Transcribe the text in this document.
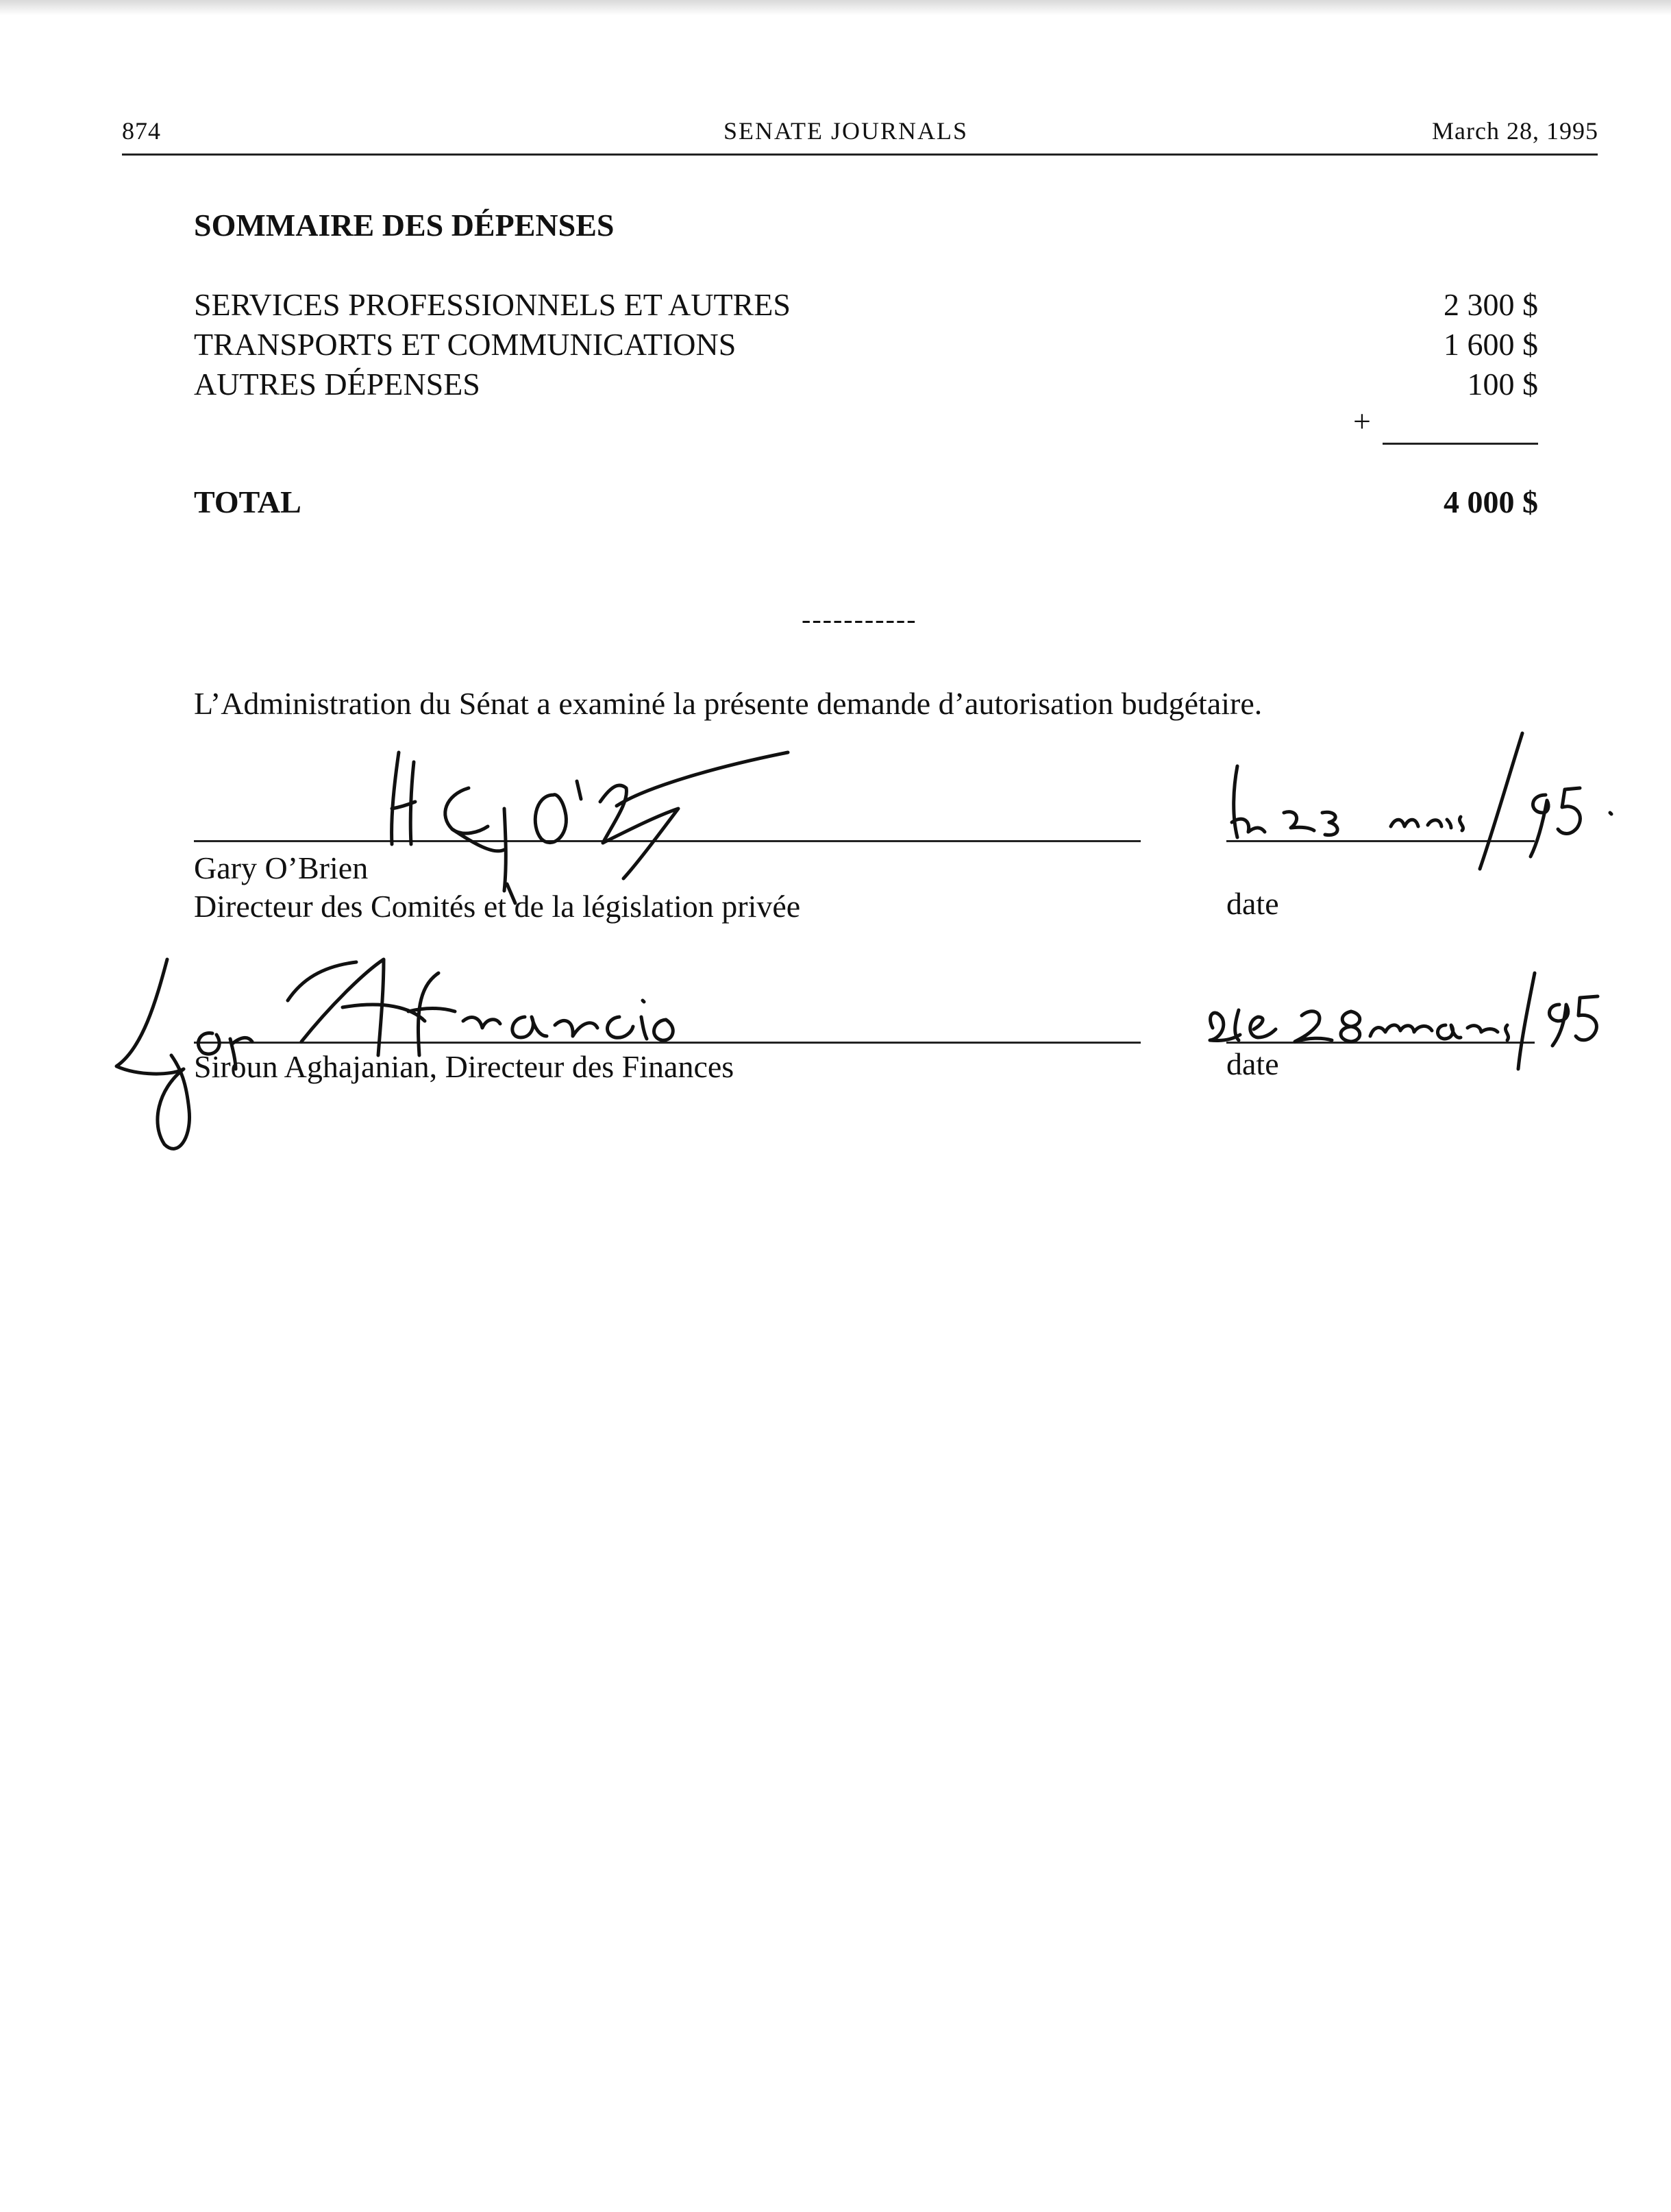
874	SENATE JOURNALS	March 28, 1995
SOMMAIRE DES DÉPENSES
SERVICES PROFESSIONNELS ET AUTRES	2 300 $
TRANSPORTS ET COMMUNICATIONS	1 600 $
AUTRES DÉPENSES	100 $
+
TOTAL	4 000 $
-----------
L’Administration du Sénat a examiné la présente demande d’autorisation budgétaire.
Gary O’Brien
Directeur des Comités et de la législation privée	date
Siroun Aghajanian, Directeur des Finances	date
